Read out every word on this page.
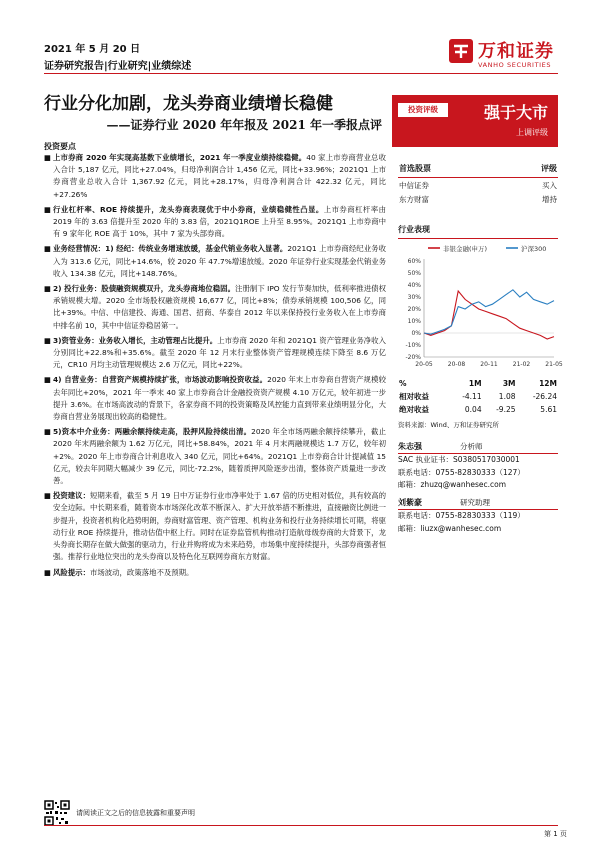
2021 年 5 月 20 日
证券研究报告|行业研究|业绩综述
万和证券
VANHO SECURITIES
行业分化加剧，龙头券商业绩增长稳健
——证券行业 2020 年年报及 2021 年一季报点评
投资要点
■ 上市券商 2020 年实现高基数下业绩增长，2021 年一季度业绩持续稳健。40 家上市券商营业总收入合计 5,187 亿元，同比+27.04%，归母净利润合计 1,456 亿元，同比+33.96%；2021Q1 上市券商营业总收入合计 1,367.92 亿元，同比+28.17%，归母净利润合计 422.32 亿元，同比+27.26%
■ 行业杠杆率、ROE 持续提升，龙头券商表现优于中小券商，业绩稳健性凸显。上市券商杠杆率由 2019 年的 3.63 倍提升至 2020 年的 3.83 倍，2021Q1ROE 上升至 8.95%。2021Q1 上市券商中有 9 家年化 ROE 高于 10%，其中 7 家为头部券商。
■ 业务经营情况：1) 经纪：传统业务增速放缓，基金代销业务收入显著。2021Q1 上市券商经纪业务收入为 313.6 亿元，同比+14.6%，较 2020 年 47.7%增速放缓。2020 年证券行业实现基金代销业务收入 134.38 亿元，同比+148.76%。
■ 2) 投行业务：股债融资规模双升，龙头券商地位稳固。注册制下 IPO 发行节奏加快，低利率推进债权承销规模大增。2020 全市场股权融资规模 16,677 亿，同比+8%；债券承销规模 100,506 亿，同比+39%。中信、中信建投、海通、国君、招商、华泰自 2012 年以来保持投行业务收入在上市券商中排名前 10，其中中信证券稳居第一。
■ 3)资管业务：业务收入增长，主动管理占比提升。上市券商 2020 年和 2021Q1 资产管理业务净收入分别同比+22.8%和+35.6%。截至 2020 年 12 月末行业整体资产管理规模连续下降至 8.6 万亿元，CR10 月均主动管理规模达 2.6 万亿元，同比+22%。
■ 4) 自营业务：自营资产规模持续扩张，市场波动影响投资收益。2020 年末上市券商自营资产规模较去年同比+20%，2021 年一季末 40 家上市券商合计金融投资资产规模 4.10 万亿元，较年初进一步提升 3.6%。在市场高波动的背景下，各家券商不同的投资策略及风控能力直到带来业绩明显分化，大券商自营业务展现出较高的稳健性。
■ 5)资本中介业务：两融余额持续走高，股押风险持续出清。2020 年全市场两融余额持续攀升，截止 2020 年末两融余额为 1.62 万亿元，同比+58.84%，2021 年 4 月末两融规模达 1.7 万亿，较年初+2%。2020 年上市券商合计利息收入 340 亿元，同比+64%。2021Q1 上市券商合计计提减值 15 亿元，较去年同期大幅减少 39 亿元，同比-72.2%，随着质押风险逐步出清，整体资产质量进一步改善。
■ 投资建议：短期来看，截至 5 月 19 日中万证券行业市净率处于 1.67 倍的历史相对低位，具有较高的安全边际。中长期来看，随着资本市场深化改革不断深入、扩大开放举措不断推进，直接融资比例进一步提升，投资者机构化趋势明朗，券商财富管理、资产管理、机构业务和投行业务持续增长可期，将驱动行业 ROE 持续提升，推动估值中枢上行。同时在证券监管机构推动打造航母级券商的大背景下，龙头券商长期存在做大做强的驱动力，行业并购将成为未来趋势，市场集中度持续提升，头部券商强者恒强。推荐行业地位突出的龙头券商以及特色化互联网券商东方财富。
■ 风险提示：市场波动，政策落地不及预期。
投资评级	强于大市
上调评级
首选股票	评级

中信证券	买入
东方财富	增持
行业表现
非银金融(申万)	沪深300
60%
50%
40%
30%
20%
10%
0%
-10%
-20%
20-05	20-08	20-11	21-02	21-05
%	1M	3M	12M
相对收益	-4.11	1.08	-26.24
绝对收益	0.04	-9.25	5.61
资料来源：Wind、万和证券研究所
朱志强	分析师
SAC 执业证书：S0380517030001
联系电话：0755-82830333（127）
邮箱：zhuzq@wanhesec.com
刘紫豪	研究助理
联系电话：0755-82830333（119）
邮箱：liuzx@wanhesec.com
请阅读正文之后的信息披露和重要声明
第 1 页
